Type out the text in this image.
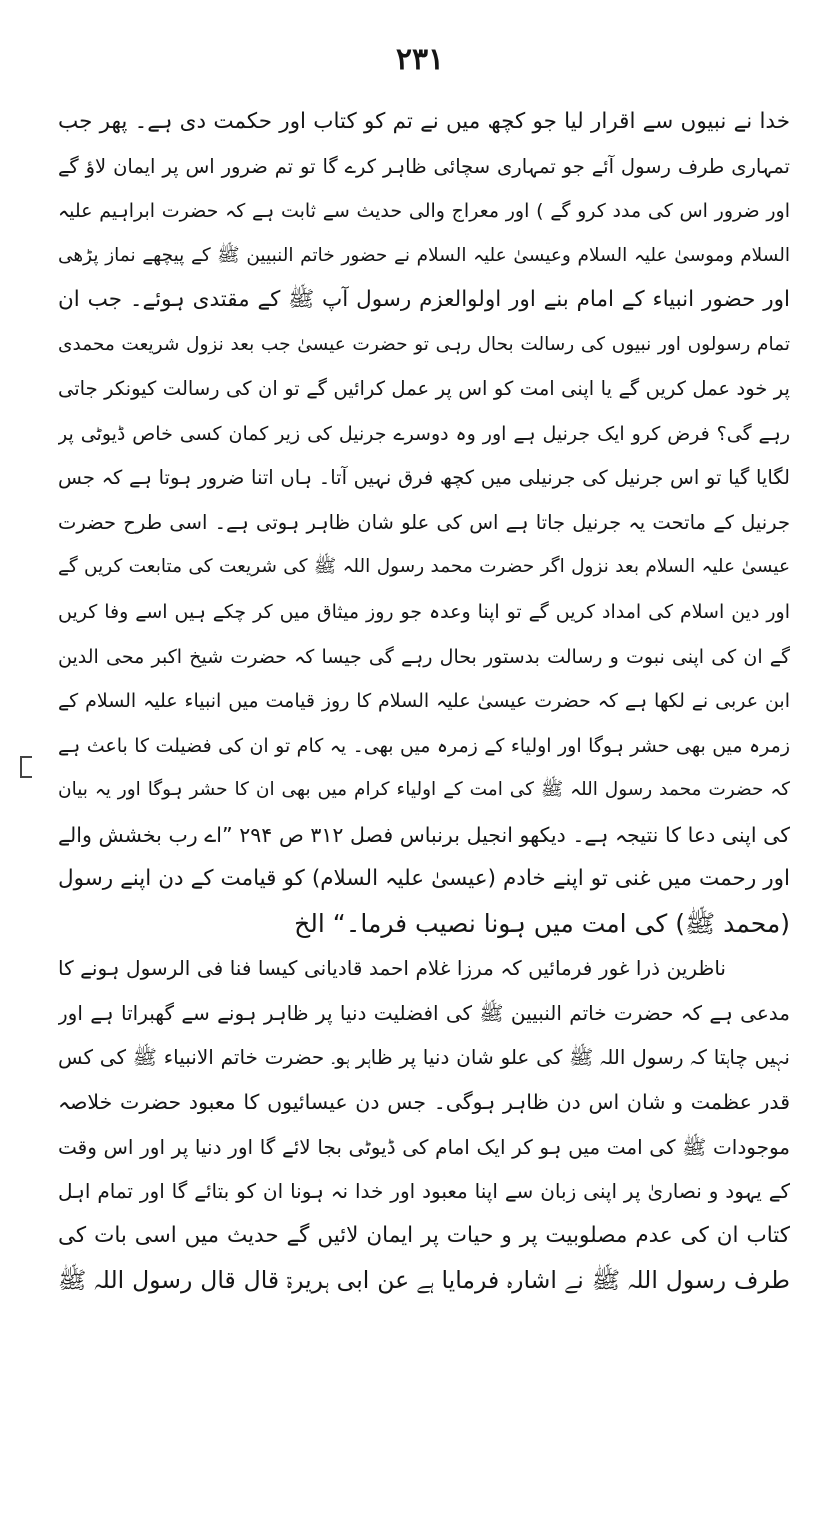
۲۳۱
خدا نے نبیوں سے اقرار لیا جو کچھ میں نے تم کو کتاب اور حکمت دی ہے۔ پھر جب
تمہاری طرف رسول آئے جو تمہاری سچائی ظاہر کرے گا تو تم ضرور اس پر ایمان لاؤ گے
اور ضرور اس کی مدد کرو گے ) اور معراج والی حدیث سے ثابت ہے کہ حضرت ابراہیم علیہ
السلام وموسیٰ علیہ السلام وعیسیٰ علیہ السلام نے حضور خاتم النبیین ﷺ کے پیچھے نماز پڑھی
اور حضور انبیاء کے امام بنے اور اولوالعزم رسول آپ ﷺ کے مقتدی ہوئے۔ جب ان
تمام رسولوں اور نبیوں کی رسالت بحال رہی تو حضرت عیسیٰ جب بعد نزول شریعت محمدی
پر خود عمل کریں گے یا اپنی امت کو اس پر عمل کرائیں گے تو ان کی رسالت کیونکر جاتی
رہے گی؟ فرض کرو ایک جرنیل ہے اور وہ دوسرے جرنیل کی زیر کمان کسی خاص ڈیوٹی پر
لگایا گیا تو اس جرنیل کی جرنیلی میں کچھ فرق نہیں آتا۔ ہاں اتنا ضرور ہوتا ہے کہ جس
جرنیل کے ماتحت یہ جرنیل جاتا ہے اس کی علو شان ظاہر ہوتی ہے۔ اسی طرح حضرت
عیسیٰ علیہ السلام بعد نزول اگر حضرت محمد رسول اللہ ﷺ کی شریعت کی متابعت کریں گے
اور دین اسلام کی امداد کریں گے تو اپنا وعدہ جو روز میثاق میں کر چکے ہیں اسے وفا کریں
گے ان کی اپنی نبوت و رسالت بدستور بحال رہے گی جیسا کہ حضرت شیخ اکبر محی الدین
ابن عربی نے لکھا ہے کہ حضرت عیسیٰ علیہ السلام کا روز قیامت میں انبیاء علیہ السلام کے
زمرہ میں بھی حشر ہوگا اور اولیاء کے زمرہ میں بھی۔ یہ کام تو ان کی فضیلت کا باعث ہے
کہ حضرت محمد رسول اللہ ﷺ کی امت کے اولیاء کرام میں بھی ان کا حشر ہوگا اور یہ بیان
کی اپنی دعا کا نتیجہ ہے۔ دیکھو انجیل برنباس فصل ۳۱۲ ص ۲۹۴ ”اے رب بخشش والے
اور رحمت میں غنی تو اپنے خادم (عیسیٰ علیہ السلام) کو قیامت کے دن اپنے رسول
(محمد ﷺ) کی امت میں ہونا نصیب فرما۔“ الخ
ناظرین ذرا غور فرمائیں کہ مرزا غلام احمد قادیانی کیسا فنا فی الرسول ہونے کا
مدعی ہے کہ حضرت خاتم النبیین ﷺ کی افضلیت دنیا پر ظاہر ہونے سے گھبراتا ہے اور
نہیں چاہتا کہ رسول اللہ ﷺ کی علو شان دنیا پر ظاہر ہو۔ حضرت خاتم الانبیاء ﷺ کی کس
قدر عظمت و شان اس دن ظاہر ہوگی۔ جس دن عیسائیوں کا معبود حضرت خلاصہ
موجودات ﷺ کی امت میں ہو کر ایک امام کی ڈیوٹی بجا لائے گا اور دنیا پر اور اس وقت
کے یہود و نصاریٰ پر اپنی زبان سے اپنا معبود اور خدا نہ ہونا ان کو بتائے گا اور تمام اہل
کتاب ان کی عدم مصلوبیت پر و حیات پر ایمان لائیں گے حدیث میں اسی بات کی
طرف رسول اللہ ﷺ نے اشارہ فرمایا ہے عن ابی ہریرۃ قال قال رسول اللہ ﷺ
